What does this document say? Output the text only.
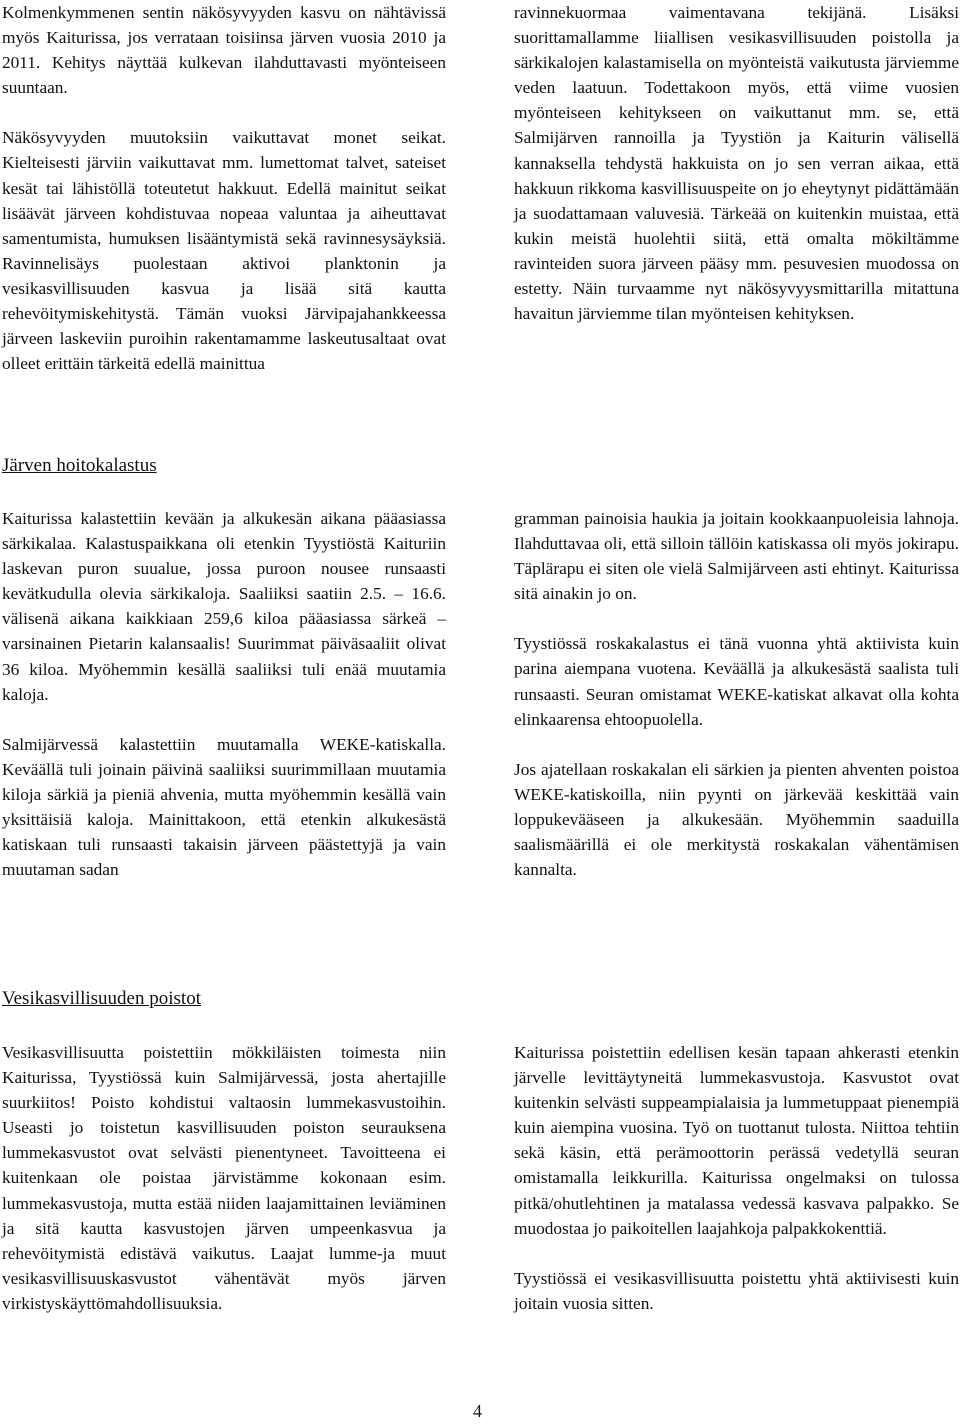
Kolmenkymmenen sentin näkösyvyyden kasvu on nähtävissä myös Kaiturissa, jos verrataan toisiinsa järven vuosia 2010 ja 2011. Kehitys näyttää kulkevan ilahduttavasti myönteiseen suuntaan.

Näkösyvyyden muutoksiin vaikuttavat monet seikat. Kielteisesti järviin vaikuttavat mm. lumettomat talvet, sateiset kesät tai lähistöllä toteutetut hakkuut. Edellä mainitut seikat lisäävät järveen kohdistuvaa nopeaa valuntaa ja aiheuttavat samentumista, humuksen lisääntymistä sekä ravinnesysäyksiä. Ravinnelisäys puolestaan aktivoi planktonin ja vesikasvillisuuden kasvua ja lisää sitä kautta rehevöitymiskehitystä. Tämän vuoksi Järvipajahankkeessa järveen laskeviin puroihin rakentamamme laskeutusaltaat ovat olleet erittäin tärkeitä edellä mainittua

ravinnekuormaa vaimentavana tekijänä. Lisäksi suorittamallamme liiallisen vesikasvillisuuden poistolla ja särkikalojen kalastamisella on myönteistä vaikutusta järviemme veden laatuun. Todettakoon myös, että viime vuosien myönteiseen kehitykseen on vaikuttanut mm. se, että Salmijärven rannoilla ja Tyystiön ja Kaiturin välisellä kannaksella tehdystä hakkuista on jo sen verran aikaa, että hakkuun rikkoma kasvillisuuspeite on jo eheytynyt pidättämään ja suodattamaan valuvesiä. Tärkeää on kuitenkin muistaa, että kukin meistä huolehtii siitä, että omalta mökiltämme ravinteiden suora järveen pääsy mm. pesuvesien muodossa on estetty. Näin turvaamme nyt näkösyvyysmittarilla mitattuna havaitun järviemme tilan myönteisen kehityksen.

Järven hoitokalastus

Kaiturissa kalastettiin kevään ja alkukesän aikana pääasiassa särkikalaa. Kalastuspaikkana oli etenkin Tyystiöstä Kaituriin laskevan puron suualue, jossa puroon nousee runsaasti kevätkudulla olevia särkikaloja. Saaliiksi saatiin 2.5. – 16.6. välisenä aikana kaikkiaan 259,6 kiloa pääasiassa särkeä – varsinainen Pietarin kalansaalis! Suurimmat päiväsaaliit olivat 36 kiloa. Myöhemmin kesällä saaliiksi tuli enää muutamia kaloja.

Salmijärvessä kalastettiin muutamalla WEKE-katiskalla. Keväällä tuli joinain päivinä saaliiksi suurimmillaan muutamia kiloja särkiä ja pieniä ahvenia, mutta myöhemmin kesällä vain yksittäisiä kaloja. Mainittakoon, että etenkin alkukesästä katiskaan tuli runsaasti takaisin järveen päästettyjä ja vain muutaman sadan

gramman painoisia haukia ja joitain kookkaanpuoleisia lahnoja. Ilahduttavaa oli, että silloin tällöin katiskassa oli myös jokirapu. Täplärapu ei siten ole vielä Salmijärveen asti ehtinyt. Kaiturissa sitä ainakin jo on.

Tyystiössä roskakalastus ei tänä vuonna yhtä aktiivista kuin parina aiempana vuotena. Keväällä ja alkukesästä saalista tuli runsaasti. Seuran omistamat WEKE-katiskat alkavat olla kohta elinkaarensa ehtoopuolella.

Jos ajatellaan roskakalan eli särkien ja pienten ahventen poistoa WEKE-katiskoilla, niin pyynti on järkevää keskittää vain loppukevääseen ja alkukesään. Myöhemmin saaduilla saalismäärillä ei ole merkitystä roskakalan vähentämisen kannalta.

Vesikasvillisuuden poistot

Vesikasvillisuutta poistettiin mökkiläisten toimesta niin Kaiturissa, Tyystiössä kuin Salmijärvessä, josta ahertajille suurkiitos! Poisto kohdistui valtaosin lummekasvustoihin. Useasti jo toistetun kasvillisuuden poiston seurauksena lummekasvustot ovat selvästi pienentyneet. Tavoitteena ei kuitenkaan ole poistaa järvistämme kokonaan esim. lummekasvustoja, mutta estää niiden laajamittainen leviäminen ja sitä kautta kasvustojen järven umpeenkasvua ja rehevöitymistä edistävä vaikutus. Laajat lumme-ja muut vesikasvillisuuskasvustot vähentävät myös järven virkistyskäyttömahdollisuuksia.

Kaiturissa poistettiin edellisen kesän tapaan ahkerasti etenkin järvelle levittäytyneitä lummekasvustoja. Kasvustot ovat kuitenkin selvästi suppeampialaisia ja lummetuppaat pienempiä kuin aiempina vuosina. Työ on tuottanut tulosta. Niittoa tehtiin sekä käsin, että perämoottorin perässä vedetyllä seuran omistamalla leikkurilla. Kaiturissa ongelmaksi on tulossa pitkä/ohutlehtinen ja matalassa vedessä kasvava palpakko. Se muodostaa jo paikoitellen laajahkoja palpakkokenttiä.

Tyystiössä ei vesikasvillisuutta poistettu yhtä aktiivisesti kuin joitain vuosia sitten.

4
